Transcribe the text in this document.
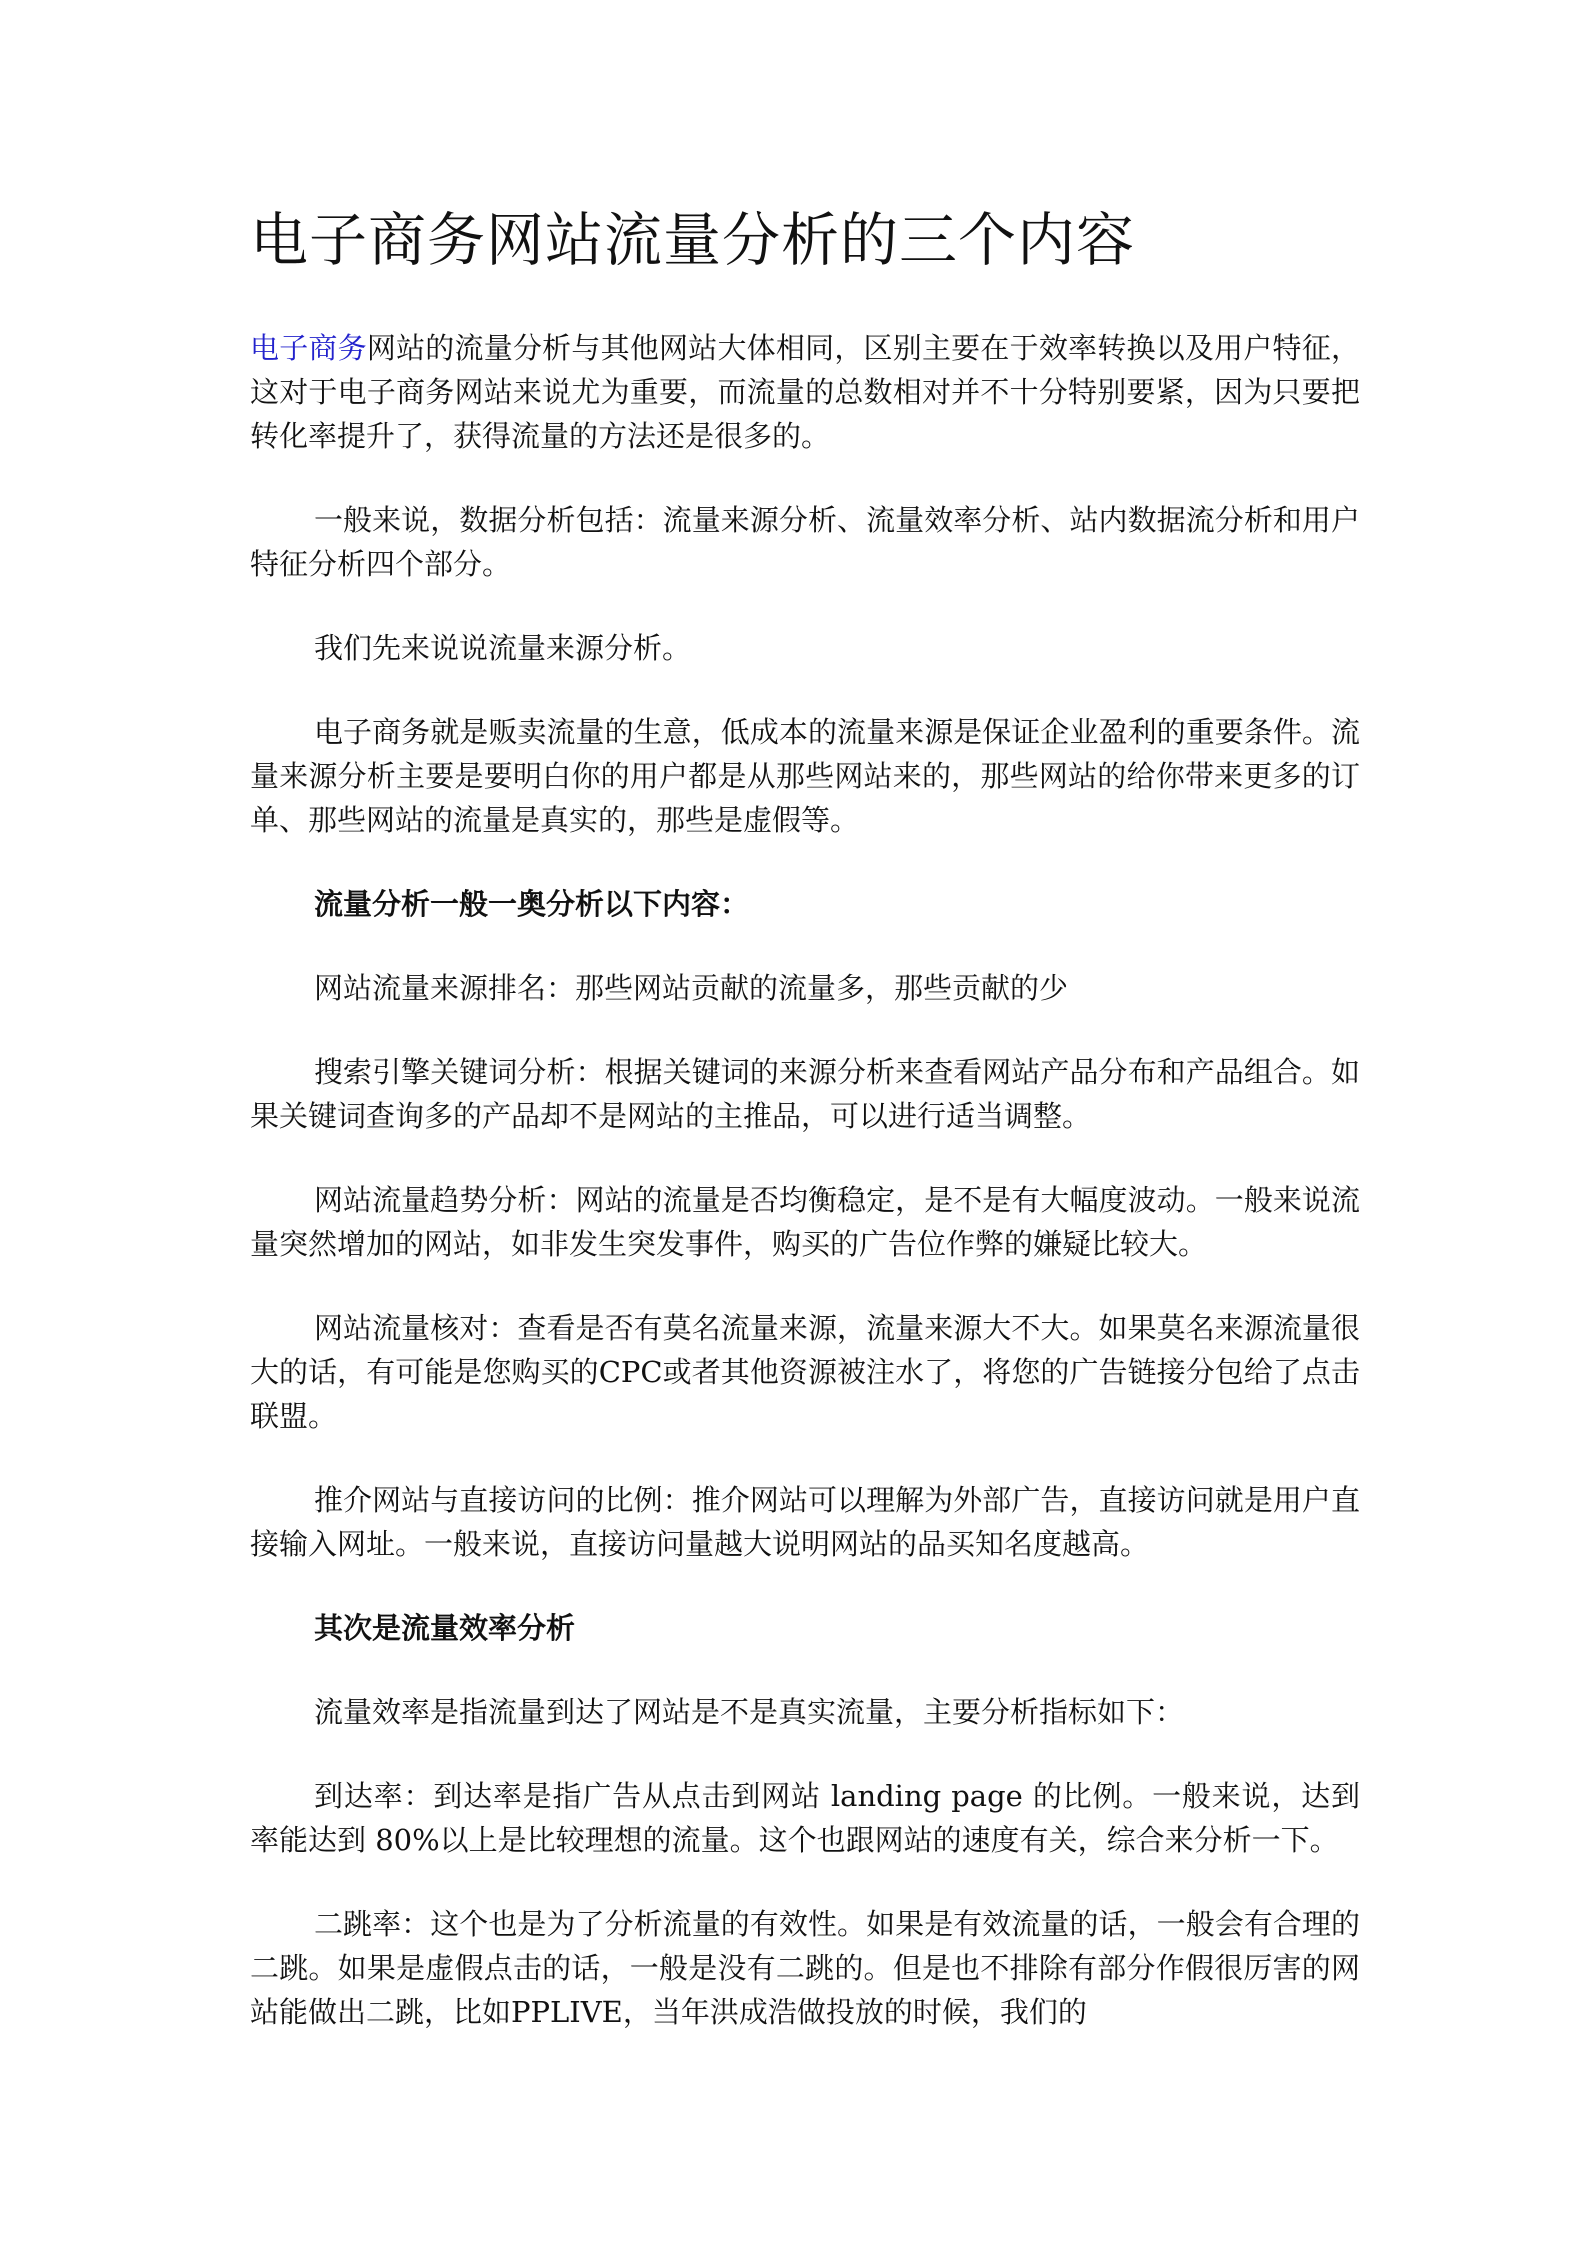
电子商务网站流量分析的三个内容

电子商务网站的流量分析与其他网站大体相同，区别主要在于效率转换以及用户特征，这对于电子商务网站来说尤为重要，而流量的总数相对并不十分特别要紧，因为只要把转化率提升了，获得流量的方法还是很多的。

一般来说，数据分析包括：流量来源分析、流量效率分析、站内数据流分析和用户特征分析四个部分。

我们先来说说流量来源分析。

电子商务就是贩卖流量的生意，低成本的流量来源是保证企业盈利的重要条件。流量来源分析主要是要明白你的用户都是从那些网站来的，那些网站的给你带来更多的订单、那些网站的流量是真实的，那些是虚假等。

流量分析一般一奥分析以下内容：

网站流量来源排名：那些网站贡献的流量多，那些贡献的少

搜索引擎关键词分析：根据关键词的来源分析来查看网站产品分布和产品组合。如果关键词查询多的产品却不是网站的主推品，可以进行适当调整。

网站流量趋势分析：网站的流量是否均衡稳定，是不是有大幅度波动。一般来说流量突然增加的网站，如非发生突发事件，购买的广告位作弊的嫌疑比较大。

网站流量核对：查看是否有莫名流量来源，流量来源大不大。如果莫名来源流量很大的话，有可能是您购买的CPC或者其他资源被注水了，将您的广告链接分包给了点击联盟。

推介网站与直接访问的比例：推介网站可以理解为外部广告，直接访问就是用户直接输入网址。一般来说，直接访问量越大说明网站的品买知名度越高。

其次是流量效率分析

流量效率是指流量到达了网站是不是真实流量，主要分析指标如下：

到达率：到达率是指广告从点击到网站 landing page 的比例。一般来说，达到率能达到 80%以上是比较理想的流量。这个也跟网站的速度有关，综合来分析一下。

二跳率：这个也是为了分析流量的有效性。如果是有效流量的话，一般会有合理的二跳。如果是虚假点击的话，一般是没有二跳的。但是也不排除有部分作假很厉害的网站能做出二跳，比如PPLIVE，当年洪成浩做投放的时候，我们的
